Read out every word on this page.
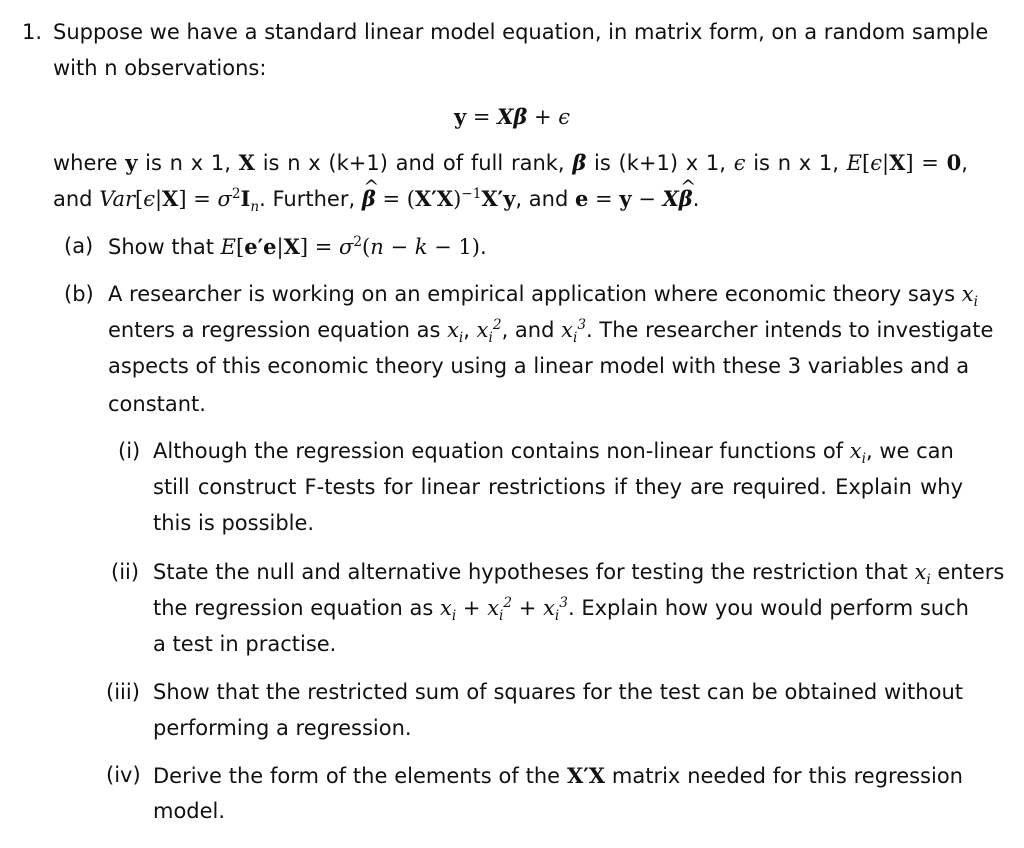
1. Suppose we have a standard linear model equation, in matrix form, on a random sample
with n observations:
y = Xβ + ϵ
where y is n x 1, X is n x (k+1) and of full rank, β is (k+1) x 1, ϵ is n x 1, E[ϵ|X] = 0,
and $Var[\epsilon|X] = \sigma^2I_n$. Further, ^ $\beta = (X'X)^{-1}X'y$, and e = y − X^ β.
(a) Show that $E[e'e|X] = \sigma^2(n - k - 1)$.
(b) A researcher is working on an empirical application where economic theory says $x_i$
enters a regression equation as $x_i$, $x_i^2$, and $x_i^3$. The researcher intends to investigate
aspects of this economic theory using a linear model with these 3 variables and a
constant.
(i) Although the regression equation contains non-linear functions of $x_i$, we can
still construct F-tests for linear restrictions if they are required. Explain why
this is possible.
(ii) State the null and alternative hypotheses for testing the restriction that $x_i$ enters
the regression equation as $x_i + x_i^2 + x_i^3$. Explain how you would perform such
a test in practise.
(iii) Show that the restricted sum of squares for the test can be obtained without
performing a regression.
(iv) Derive the form of the elements of the X′X matrix needed for this regression
model.
